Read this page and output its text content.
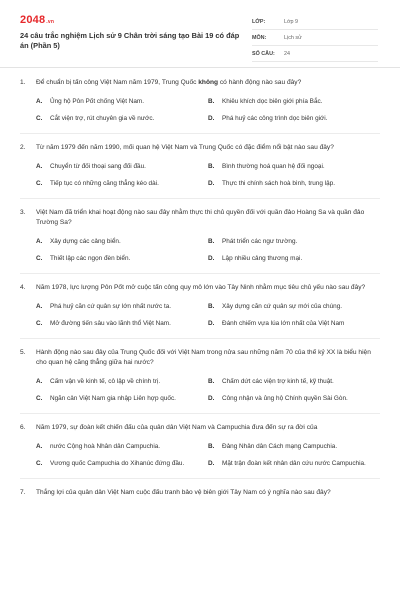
2048.vn
24 câu trắc nghiệm Lịch sử 9 Chân trời sáng tạo Bài 19 có đáp án (Phần 5)
LỚP:	Lớp 9
MÔN:	Lịch sử
SỐ CÂU:	24
1.	Để chuẩn bị tấn công Việt Nam năm 1979, Trung Quốc không có hành động nào sau đây?
A.	Ủng hộ Pôn Pốt chống Việt Nam.	B.	Khiêu khích dọc biên giới phía Bắc.
C.	Cắt viện trợ, rút chuyên gia về nước.	D.	Phá huỷ các công trình dọc biên giới.
2.	Từ năm 1979 đến năm 1990, mối quan hệ Việt Nam và Trung Quốc có đặc điểm nổi bật nào sau đây?
A.	Chuyển từ đối thoại sang đối đầu.	B.	Bình thường hoá quan hệ đối ngoại.
C.	Tiếp tục có những căng thẳng kéo dài.	D.	Thực thi chính sách hoà bình, trung lập.
3.	Việt Nam đã triển khai hoạt động nào sau đây nhằm thực thi chủ quyền đối với quần đảo Hoàng Sa và quần đảo Trường Sa?
A.	Xây dựng các cảng biển.	B.	Phát triển các ngư trường.
C.	Thiết lập các ngọn đèn biển.	D.	Lập nhiều cảng thương mại.
4.	Năm 1978, lực lượng Pôn Pốt mở cuộc tấn công quy mô lớn vào Tây Ninh nhằm mục tiêu chủ yếu nào sau đây?
A.	Phá huỷ căn cứ quân sự lớn nhất nước ta.	B.	Xây dựng căn cứ quân sự mới của chúng.
C.	Mở đường tiến sâu vào lãnh thổ Việt Nam.	D.	Đánh chiếm vựa lúa lớn nhất của Việt Nam
5.	Hành động nào sau đây của Trung Quốc đối với Việt Nam trong nửa sau những năm 70 của thế kỷ XX là biểu hiện cho quan hệ căng thẳng giữa hai nước?
A.	Cấm vận về kinh tế, cô lập về chính trị.	B.	Chấm dứt các viện trợ kinh tế, kỹ thuật.
C.	Ngăn cản Việt Nam gia nhập Liên hợp quốc.	D.	Công nhận và ủng hộ Chính quyền Sài Gòn.
6.	Năm 1979, sự đoàn kết chiến đấu của quân dân Việt Nam và Campuchia đưa đến sự ra đời của
A.	nước Cộng hoà Nhân dân Campuchia.	B.	Đảng Nhân dân Cách mạng Campuchia.
C.	Vương quốc Campuchia do Xihanúc đứng đầu.	D.	Mặt trận đoàn kết nhân dân cứu nước Campuchia.
7.	Thắng lợi của quân dân Việt Nam cuộc đấu tranh bảo vệ biên giới Tây Nam có ý nghĩa nào sau đây?
